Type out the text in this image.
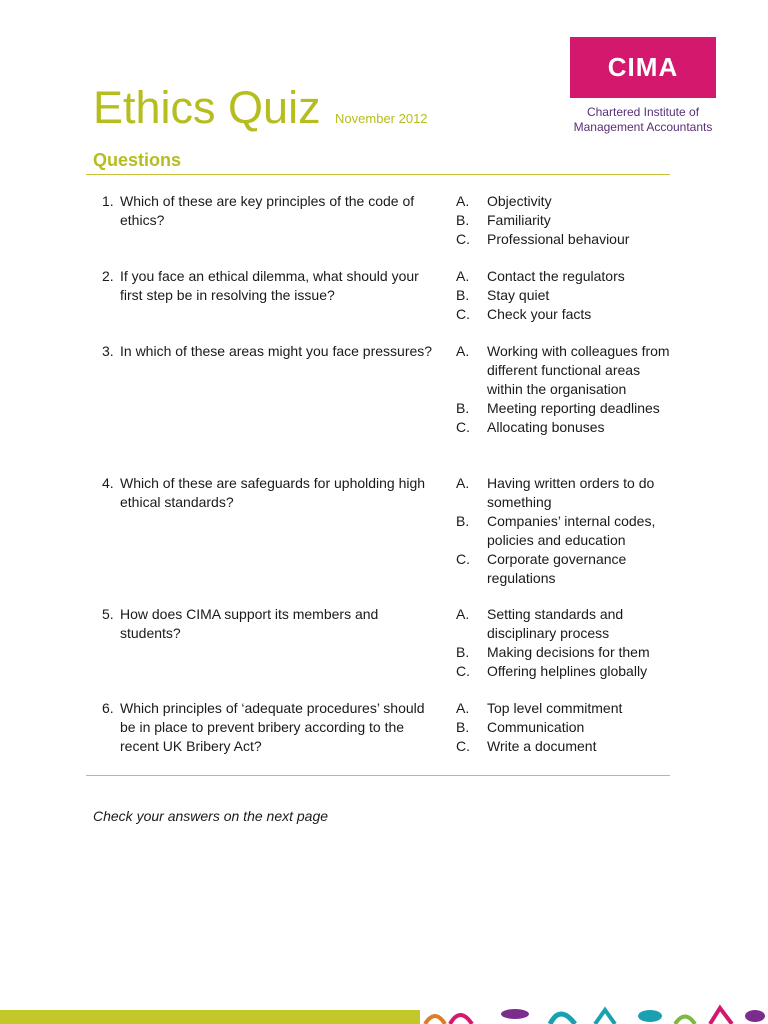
Ethics Quiz November 2012
CIMA
Chartered Institute of
Management Accountants
Questions
1. Which of these are key principles of the code of
ethics?
A.	Objectivity
B.	Familiarity
C.	Professional behaviour
2. If you face an ethical dilemma, what should your
first step be in resolving the issue?
A.	Contact the regulators
B.	Stay quiet
C.	Check your facts
3. In which of these areas might you face pressures?	A.	Working with colleagues from different functional areas within the organisation
B.	Meeting reporting deadlines
C.	Allocating bonuses
4. Which of these are safeguards for upholding high
ethical standards?
A.	Having written orders to do something
B.	Companies’ internal codes, policies and education
C.	Corporate governance regulations
5. How does CIMA support its members and
students?
A.	Setting standards and disciplinary process
B.	Making decisions for them
C.	Offering helplines globally
6. Which principles of ‘adequate procedures’ should
be in place to prevent bribery according to the
recent UK Bribery Act?
A.	Top level commitment
B.	Communication
C.	Write a document
Check your answers on the next page
